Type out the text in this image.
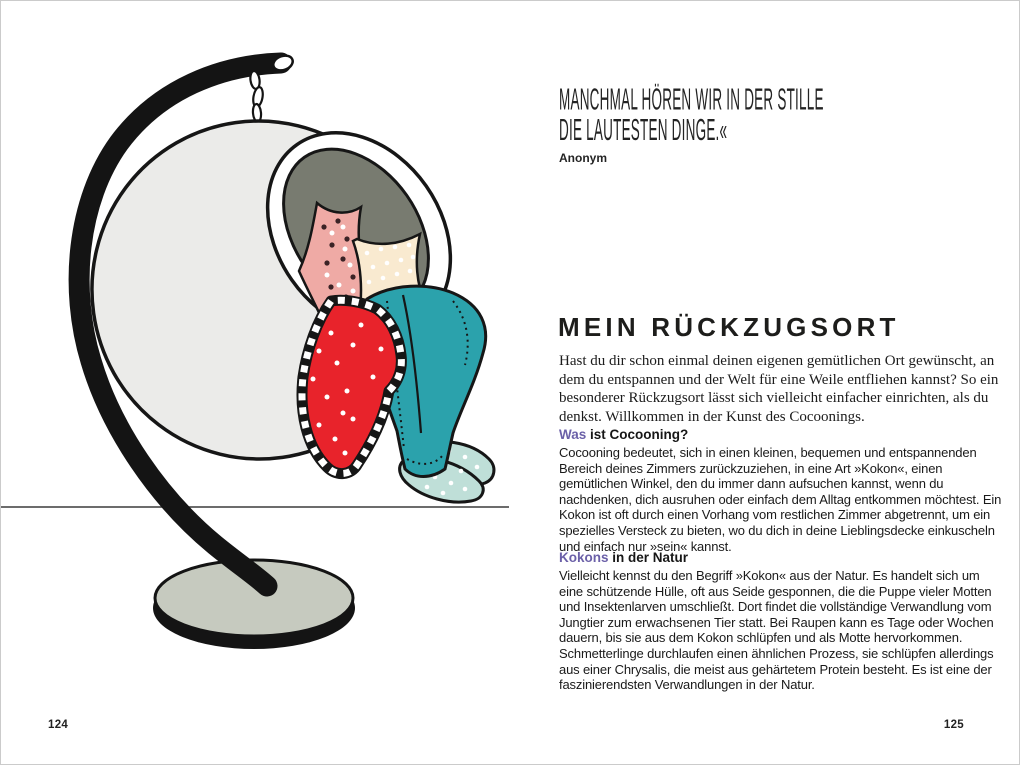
124
MANCHMAL HÖREN WIR IN DER STILLE
DIE LAUTESTEN DINGE.«
Anonym
MEIN RÜCKZUGSORT

Hast du dir schon einmal deinen eigenen gemütlichen Ort gewünscht, an dem du entspannen und der Welt für eine Weile entfliehen kannst? So ein besonderer Rückzugsort lässt sich vielleicht einfacher einrichten, als du denkst. Willkommen in der Kunst des Cocoonings.

Was ist Cocooning?

Cocooning bedeutet, sich in einen kleinen, bequemen und entspannenden Bereich deines Zimmers zurückzuziehen, in eine Art »Kokon«, einen gemütlichen Winkel, den du immer dann aufsuchen kannst, wenn du nachdenken, dich ausruhen oder einfach dem Alltag entkommen möchtest. Ein Kokon ist oft durch einen Vorhang vom restlichen Zimmer abgetrennt, um ein spezielles Versteck zu bieten, wo du dich in deine Lieblingsdecke einkuscheln und einfach nur »sein« kannst.

Kokons in der Natur

Vielleicht kennst du den Begriff »Kokon« aus der Natur. Es handelt sich um eine schützende Hülle, oft aus Seide gesponnen, die die Puppe vieler Motten und Insektenlarven umschließt. Dort findet die vollständige Verwandlung vom Jungtier zum erwachsenen Tier statt. Bei Raupen kann es Tage oder Wochen dauern, bis sie aus dem Kokon schlüpfen und als Motte hervorkommen. Schmetterlinge durchlaufen einen ähnlichen Prozess, sie schlüpfen allerdings aus einer Chrysalis, die meist aus gehärtetem Protein besteht. Es ist eine der faszinierendsten Verwandlungen in der Natur.

125
